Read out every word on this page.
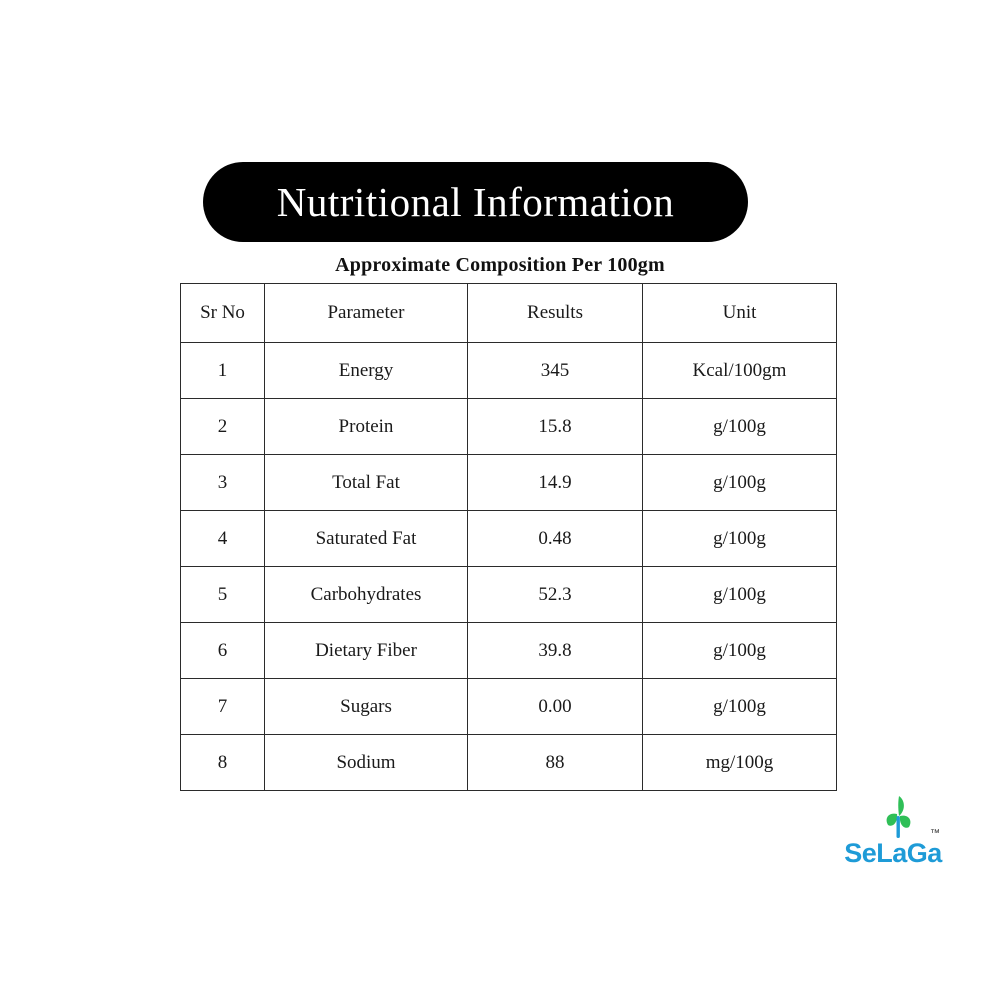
Nutritional Information
Approximate Composition Per 100gm
Sr No	Parameter	Results	Unit
1	Energy	345	Kcal/100gm
2	Protein	15.8	g/100g
3	Total Fat	14.9	g/100g
4	Saturated Fat	0.48	g/100g
5	Carbohydrates	52.3	g/100g
6	Dietary Fiber	39.8	g/100g
7	Sugars	0.00	g/100g
8	Sodium	88	mg/100g
SeLaGa
™
